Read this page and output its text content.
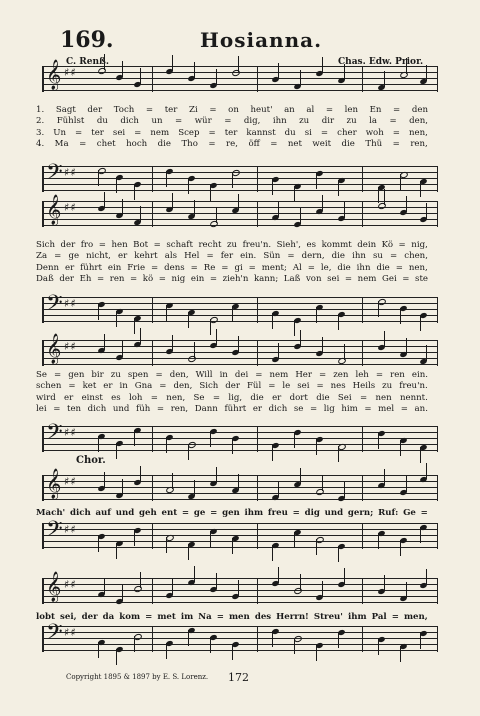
169.	Hosianna.
C. Renß.	Chas. Edw. Prior.
𝄞 ♯♯
𝄢 ♯♯
1. Sagt der Toch = ter Zi = on heut' an al = len En = den
2. Fühlst du dich un = wür = dig, ihn zu dir zu la = den,
3. Un = ter sei = nem Scep = ter kannst du si = cher woh = nen,
4. Ma = chet hoch die Tho = re, öff = net weit die Thü = ren,
𝄞 ♯♯
𝄢 ♯♯
Sich der fro = hen Bot = schaft recht zu freu'n. Sieh', es kommt dein Kö = nig,
Za = ge nicht, er kehrt als Hel = fer ein. Sün = dern, die ihn su = chen,
Denn er führt ein Frie = dens = Re = gi = ment; Al = le, die ihn die = nen,
Daß der Eh = ren = kö = nig ein = zieh'n kann; Laß von sei = nem Gei = ste
𝄞 ♯♯
𝄢 ♯♯
Se = gen bir zu spen = den, Will in dei = nem Her = zen leh = ren ein.
schen = ket er in Gna = den, Sich der Fül = le sei = nes Heils zu freu'n.
wird er einst es loh = nen, Se = lig, die er dort die Sei = nen nennt.
lei = ten dich und füh = ren, Dann führt er dich se = lig him = mel = an.
Chor.
𝄞 ♯♯
𝄢 ♯♯
Mach' dich auf und geh ent = ge = gen ihm freu = dig und gern; Ruf: Ge =
𝄞 ♯♯
𝄢 ♯♯
lobt sei, der da kom = met im Na = men des Herrn! Streu' ihm Pal = men,
Copyright 1895 & 1897 by E. S. Lorenz. 172
